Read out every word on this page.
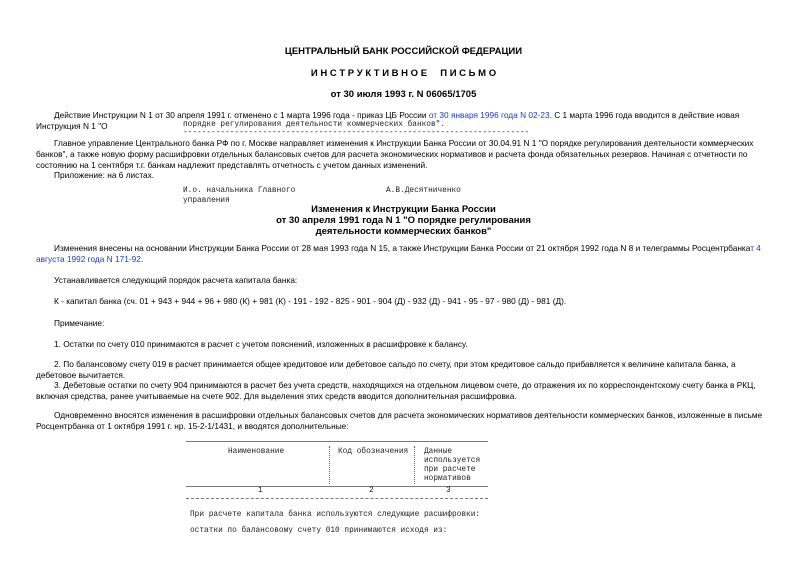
ЦЕНТРАЛЬНЫЙ БАНК РОССИЙСКОЙ ФЕДЕРАЦИИ
И Н С Т Р У К Т И В Н О Е     П И С Ь М О
от 30 июля 1993 г. N 06065/1705
Действие Инструкции N 1 от 30 апреля 1991 г. отменено с 1 марта 1996 года - приказ ЦБ России от 30 января 1996 года N 02-23. С 1 марта 1996 года вводится в действие новая Инструкция N 1 "О	порядке регулирования деятельности коммерческих банков".
--------------------------------------------------------------------------
Главное управление Центрального банка РФ по г. Москве направляет изменения к Инструкции Банка России от 30.04.91 N 1 "О порядке регулирования деятельности коммерческих банков", а также новую форму расшифровки отдельных балансовых счетов для расчета экономических нормативов и расчета фонда обязательных резервов. Начиная с отчетности по состоянию на 1 сентября т.г. банкам надлежит представлять отчетность с учетом данных изменений.
Приложение: на 6 листах.
И.о. начальника Главного
управления
А.В.Десятниченко
Изменения к Инструкции Банка России
от 30 апреля 1991 года N 1 "О порядке регулирования
деятельности коммерческих банков"
Изменения внесены на основании Инструкции Банка России от 28 мая 1993 года N 15, а также Инструкции Банка России от 21 октября 1992 года N 8 и телеграммы Росцентрбанкат 4 августа 1992 года N 171-92.
Устанавливается следующий порядок расчета капитала банка:
К - капитал банка (сч. 01 + 943 + 944 + 96 + 980 (К) + 981 (К) - 191 - 192 - 825 - 901 - 904 (Д) - 932 (Д) - 941 - 95 - 97 - 980 (Д) - 981 (Д).
Примечание:
1. Остатки по счету 010 принимаются в расчет с учетом пояснений, изложенных в расшифровке к балансу.
2. По балансовому счету 019 в расчет принимается общее кредитовое или дебетовое сальдо по счету, при этом кредитовое сальдо прибавляется к величине капитала банка, а дебетовое вычитается.
3. Дебетовые остатки по счету 904 принимаются в расчет без учета средств, находящихся на отдельном лицевом счете, до отражения их по корреспондентскому счету банка в РКЦ, включая средства, ранее учитываемые на счете 902. Для выделения этих средств вводится дополнительная расшифровка.
Одновременно вносятся изменения в расшифровки отдельных балансовых счетов для расчета экономических нормативов деятельности коммерческих банков, изложенные в письме Росцентрбанка от 1 октября 1991 г. нр. 15-2-1/1431, и вводятся дополнительные:
Наименование	Код обозначения Данные
используется
при расчете
нормативов
1	2	3
При расчете капитала банка используются следующие расшифровки:
остатки по балансовому счету 010 принимаются исходя из:
